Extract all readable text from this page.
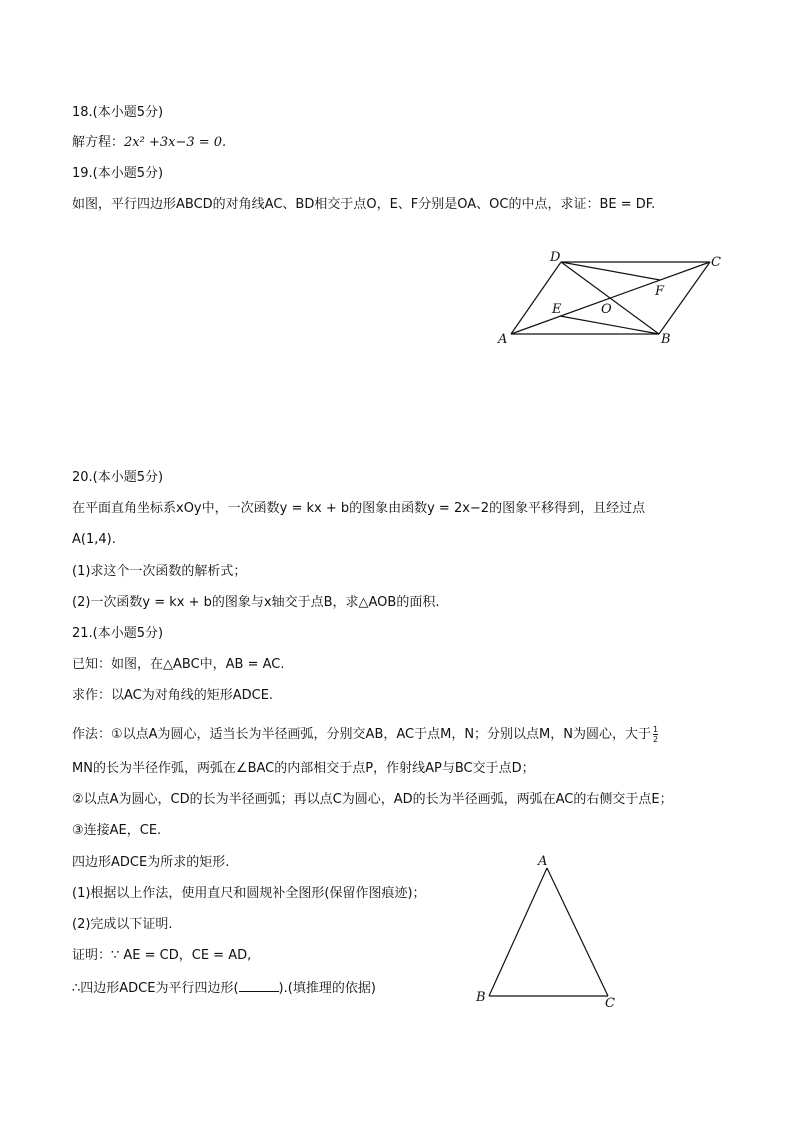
18.(本小题5分)
解方程：2x² +3x−3 = 0.
19.(本小题5分)
如图，平行四边形ABCD的对角线AC、BD相交于点O，E、F分别是OA、OC的中点，求证：BE = DF.
A	B
C
D
E
F
O
A
B	C
20.(本小题5分)
在平面直角坐标系xOy中，一次函数y = kx + b的图象由函数y = 2x−2的图象平移得到，且经过点
A(1,4).
(1)求这个一次函数的解析式；
(2)一次函数y = kx + b的图象与x轴交于点B，求△AOB的面积.
21.(本小题5分)
已知：如图，在△ABC中，AB = AC.
求作：以AC为对角线的矩形ADCE.
作法：①以点A为圆心，适当长为半径画弧，分别交AB，AC于点M，N；分别以点M，N为圆心，大于 $\frac{1}{2}$
MN的长为半径作弧，两弧在∠BAC的内部相交于点P，作射线AP与BC交于点D；
②以点A为圆心，CD的长为半径画弧；再以点C为圆心，AD的长为半径画弧，两弧在AC的右侧交于点E；
③连接AE，CE.
四边形ADCE为所求的矩形.
(1)根据以上作法，使用直尺和圆规补全图形(保留作图痕迹)；
(2)完成以下证明.
证明：∵ AE = CD，CE = AD,
∴四边形ADCE为平行四边形(	).(填推理的依据)
